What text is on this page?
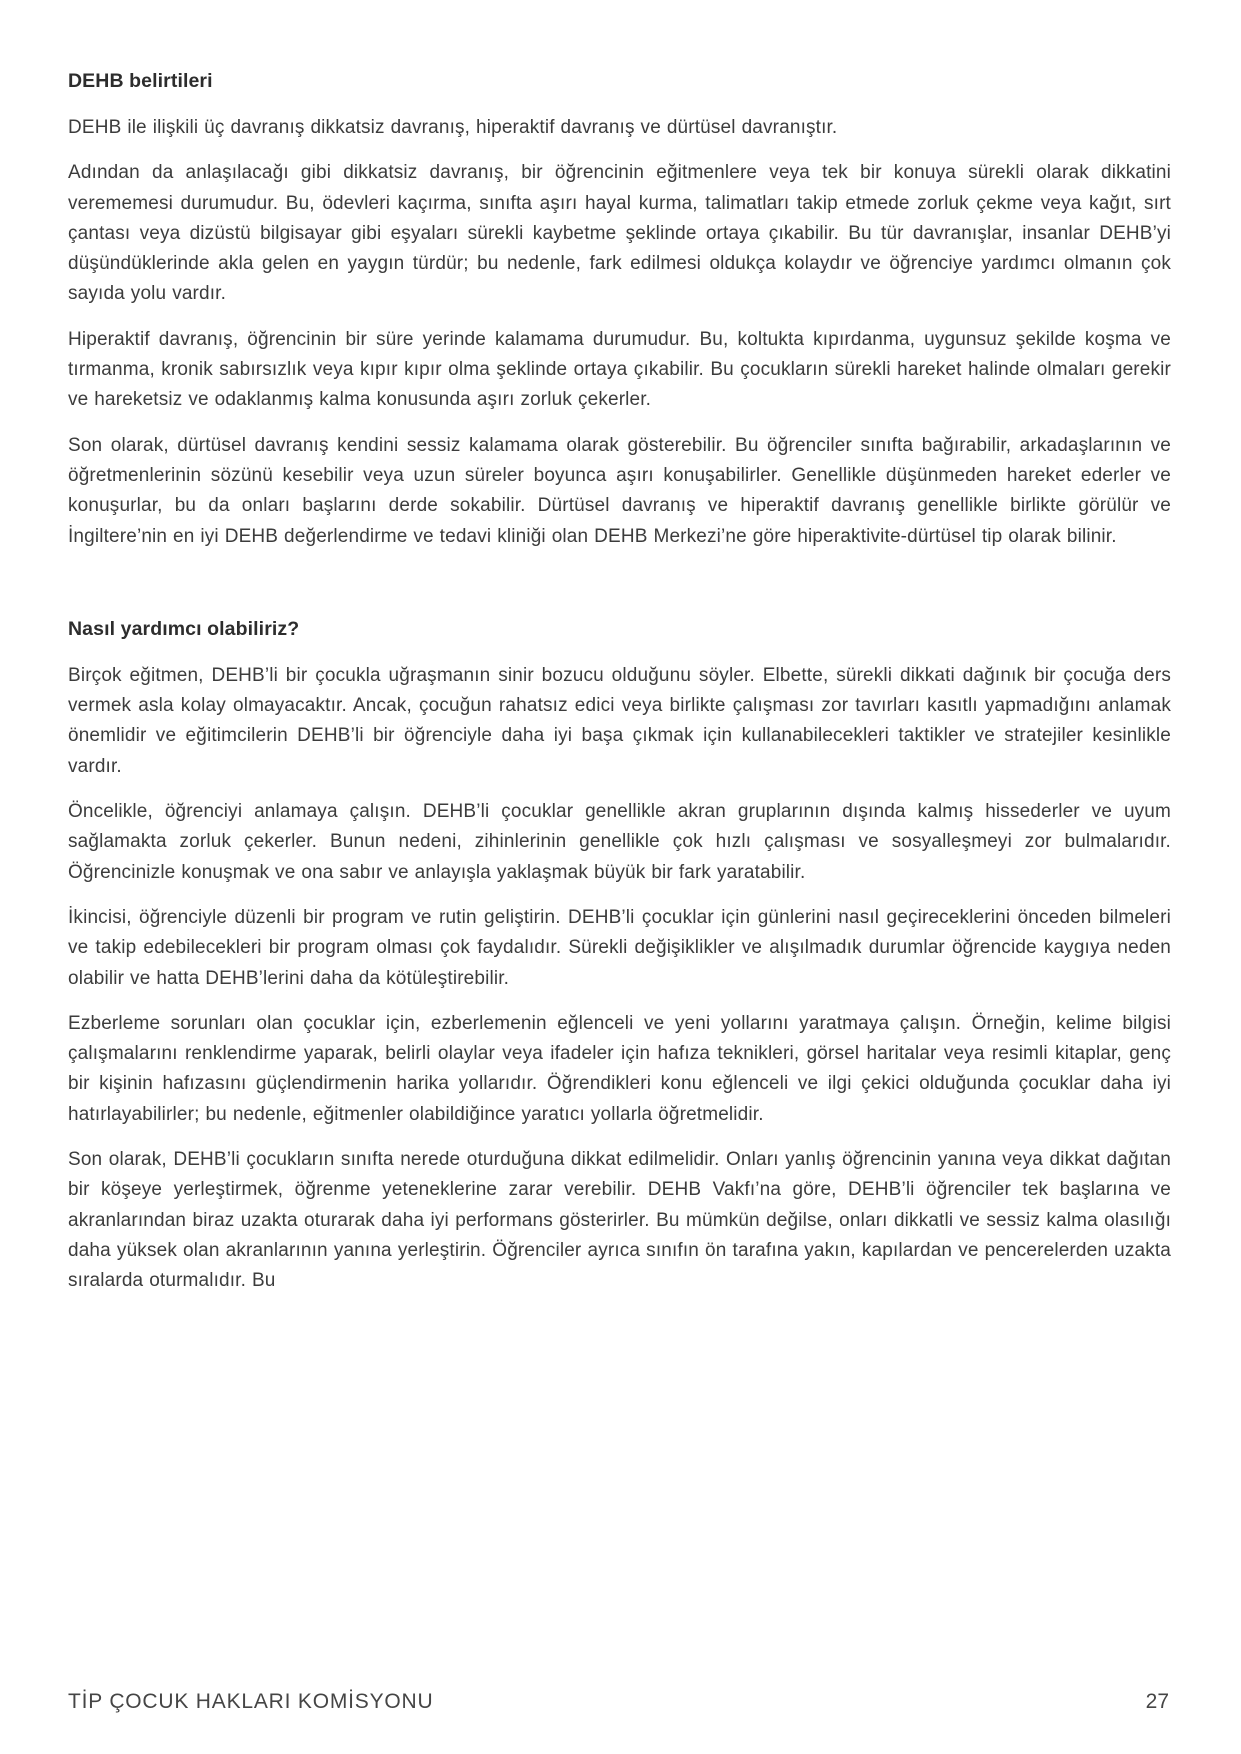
DEHB belirtileri

DEHB ile ilişkili üç davranış dikkatsiz davranış, hiperaktif davranış ve dürtüsel davranıştır.

Adından da anlaşılacağı gibi dikkatsiz davranış, bir öğrencinin eğitmenlere veya tek bir konuya sürekli olarak dikkatini verememesi durumudur. Bu, ödevleri kaçırma, sınıfta aşırı hayal kurma, talimatları takip etmede zorluk çekme veya kağıt, sırt çantası veya dizüstü bilgisayar gibi eşyaları sürekli kaybetme şeklinde ortaya çıkabilir. Bu tür davranışlar, insanlar DEHB’yi düşündüklerinde akla gelen en yaygın türdür; bu nedenle, fark edilmesi oldukça kolaydır ve öğrenciye yardımcı olmanın çok sayıda yolu vardır.

Hiperaktif davranış, öğrencinin bir süre yerinde kalamama durumudur. Bu, koltukta kıpırdanma, uygunsuz şekilde koşma ve tırmanma, kronik sabırsızlık veya kıpır kıpır olma şeklinde ortaya çıkabilir. Bu çocukların sürekli hareket halinde olmaları gerekir ve hareketsiz ve odaklanmış kalma konusunda aşırı zorluk çekerler.

Son olarak, dürtüsel davranış kendini sessiz kalamama olarak gösterebilir. Bu öğrenciler sınıfta bağırabilir, arkadaşlarının ve öğretmenlerinin sözünü kesebilir veya uzun süreler boyunca aşırı konuşabilirler. Genellikle düşünmeden hareket ederler ve konuşurlar, bu da onları başlarını derde sokabilir. Dürtüsel davranış ve hiperaktif davranış genellikle birlikte görülür ve İngiltere’nin en iyi DEHB değerlendirme ve tedavi kliniği olan DEHB Merkezi’ne göre hiperaktivite-dürtüsel tip olarak bilinir.

Nasıl yardımcı olabiliriz?

Birçok eğitmen, DEHB’li bir çocukla uğraşmanın sinir bozucu olduğunu söyler. Elbette, sürekli dikkati dağınık bir çocuğa ders vermek asla kolay olmayacaktır. Ancak, çocuğun rahatsız edici veya birlikte çalışması zor tavırları kasıtlı yapmadığını anlamak önemlidir ve eğitimcilerin DEHB’li bir öğrenciyle daha iyi başa çıkmak için kullanabilecekleri taktikler ve stratejiler kesinlikle vardır.

Öncelikle, öğrenciyi anlamaya çalışın. DEHB’li çocuklar genellikle akran gruplarının dışında kalmış hissederler ve uyum sağlamakta zorluk çekerler. Bunun nedeni, zihinlerinin genellikle çok hızlı çalışması ve sosyalleşmeyi zor bulmalarıdır. Öğrencinizle konuşmak ve ona sabır ve anlayışla yaklaşmak büyük bir fark yaratabilir.

İkincisi, öğrenciyle düzenli bir program ve rutin geliştirin. DEHB’li çocuklar için günlerini nasıl geçireceklerini önceden bilmeleri ve takip edebilecekleri bir program olması çok faydalıdır. Sürekli değişiklikler ve alışılmadık durumlar öğrencide kaygıya neden olabilir ve hatta DEHB’lerini daha da kötüleştirebilir.

Ezberleme sorunları olan çocuklar için, ezberlemenin eğlenceli ve yeni yollarını yaratmaya çalışın. Örneğin, kelime bilgisi çalışmalarını renklendirme yaparak, belirli olaylar veya ifadeler için hafıza teknikleri, görsel haritalar veya resimli kitaplar, genç bir kişinin hafızasını güçlendirmenin harika yollarıdır. Öğrendikleri konu eğlenceli ve ilgi çekici olduğunda çocuklar daha iyi hatırlayabilirler; bu nedenle, eğitmenler olabildiğince yaratıcı yollarla öğretmelidir.

Son olarak, DEHB’li çocukların sınıfta nerede oturduğuna dikkat edilmelidir. Onları yanlış öğrencinin yanına veya dikkat dağıtan bir köşeye yerleştirmek, öğrenme yeteneklerine zarar verebilir. DEHB Vakfı’na göre, DEHB’li öğrenciler tek başlarına ve akranlarından biraz uzakta oturarak daha iyi performans gösterirler. Bu mümkün değilse, onları dikkatli ve sessiz kalma olasılığı daha yüksek olan akranlarının yanına yerleştirin. Öğrenciler ayrıca sınıfın ön tarafına yakın, kapılardan ve pencerelerden uzakta sıralarda oturmalıdır. Bu

TİP ÇOCUK HAKLARI KOMİSYONU	27
